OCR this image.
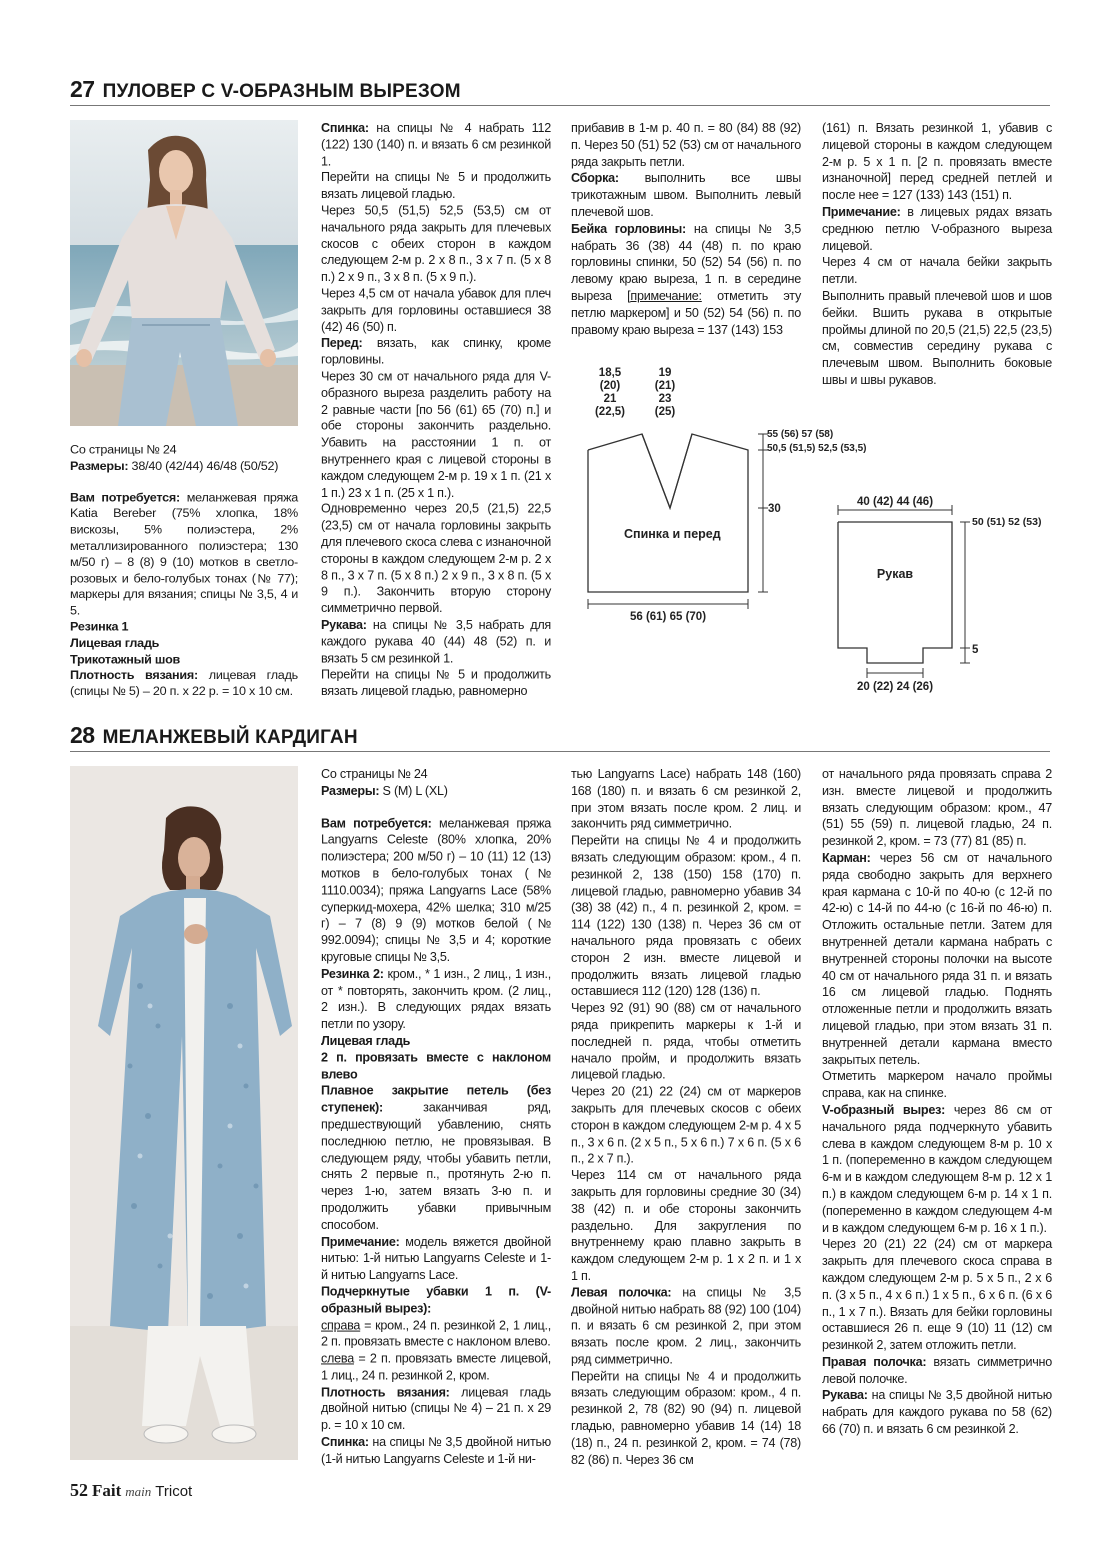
27 ПУЛОВЕР С V-ОБРАЗНЫМ ВЫРЕЗОМ

Со страницы № 24

Размеры: 38/40 (42/44) 46/48 (50/52)

Вам потребуется: меланжевая пряжа Katia Bereber (75% хлопка, 18% вискозы, 5% полиэстера, 2% металлизированного полиэстера; 130 м/50 г) – 8 (8) 9 (10) мотков в светло-розовых и бело-голубых тонах (№ 77); маркеры для вязания; спицы № 3,5, 4 и 5.

Резинка 1

Лицевая гладь

Трикотажный шов

Плотность вязания: лицевая гладь (спицы № 5) – 20 п. х 22 р. = 10 х 10 см.

Спинка: на спицы № 4 набрать 112 (122) 130 (140) п. и вязать 6 см резинкой 1.

Перейти на спицы № 5 и продолжить вязать лицевой гладью.

Через 50,5 (51,5) 52,5 (53,5) см от начального ряда закрыть для плечевых скосов с обеих сторон в каждом следующем 2-м р. 2 х 8 п., 3 х 7 п. (5 х 8 п.) 2 х 9 п., 3 х 8 п. (5 х 9 п.).

Через 4,5 см от начала убавок для плеч закрыть для горловины оставшиеся 38 (42) 46 (50) п.

Перед: вязать, как спинку, кроме горловины.

Через 30 см от начального ряда для V-образного выреза разделить работу на 2 равные части [по 56 (61) 65 (70) п.] и обе стороны закончить раздельно. Убавить на расстоянии 1 п. от внутреннего края с лицевой стороны в каждом следующем 2-м р. 19 х 1 п. (21 х 1 п.) 23 х 1 п. (25 х 1 п.).

Одновременно через 20,5 (21,5) 22,5 (23,5) см от начала горловины закрыть для плечевого скоса слева с изнаночной стороны в каждом следующем 2-м р. 2 х 8 п., 3 х 7 п. (5 х 8 п.) 2 х 9 п., 3 х 8 п. (5 х 9 п.). Закончить вторую сторону симметрично первой.

Рукава: на спицы № 3,5 набрать для каждого рукава 40 (44) 48 (52) п. и вязать 5 см резинкой 1.

Перейти на спицы № 5 и продолжить вязать лицевой гладью, равномерно

прибавив в 1-м р. 40 п. = 80 (84) 88 (92) п. Через 50 (51) 52 (53) см от начального ряда закрыть петли.

Сборка: выполнить все швы трикотажным швом. Выполнить левый плечевой шов.

Бейка горловины: на спицы № 3,5 набрать 36 (38) 44 (48) п. по краю горловины спинки, 50 (52) 54 (56) п. по левому краю выреза, 1 п. в середине выреза [примечание: отметить эту петлю маркером] и 50 (52) 54 (56) п. по правому краю выреза = 137 (143) 153

(161) п. Вязать резинкой 1, убавив с лицевой стороны в каждом следующем 2-м р. 5 х 1 п. [2 п. провязать вместе изнаночной] перед средней петлей и после нее = 127 (133) 143 (151) п.

Примечание: в лицевых рядах вязать среднюю петлю V-образного выреза лицевой.

Через 4 см от начала бейки закрыть петли.

Выполнить правый плечевой шов и шов бейки. Вшить рукава в открытые проймы длиной по 20,5 (21,5) 22,5 (23,5) см, совместив середину рукава с плечевым швом. Выполнить боковые швы и швы рукавов.

Спинка и перед
18,5
(20)
21
(22,5)
19
(21)
23
(25)
55 (56) 57 (58)
50,5 (51,5) 52,5 (53,5)
30
56 (61) 65 (70)
40 (42) 44 (46)
Рукав
50 (51) 52 (53)
5
20 (22) 24 (26)
28 МЕЛАНЖЕВЫЙ КАРДИГАН

Со страницы № 24

Размеры: S (M) L (XL)

Вам потребуется: меланжевая пряжа Langyarns Celeste (80% хлопка, 20% полиэстера; 200 м/50 г) – 10 (11) 12 (13) мотков в бело-голубых тонах (№ 1110.0034); пряжа Langyarns Lace (58% суперкид-мохера, 42% шелка; 310 м/25 г) – 7 (8) 9 (9) мотков белой (№ 992.0094); спицы № 3,5 и 4; короткие круговые спицы № 3,5.

Резинка 2: кром., * 1 изн., 2 лиц., 1 изн., от * повторять, закончить кром. (2 лиц., 2 изн.). В следующих рядах вязать петли по узору.

Лицевая гладь

2 п. провязать вместе с наклоном влево

Плавное закрытие петель (без ступенек): заканчивая ряд, предшествующий убавлению, снять последнюю петлю, не провязывая. В следующем ряду, чтобы убавить петли, снять 2 первые п., протянуть 2-ю п. через 1-ю, затем вязать 3-ю п. и продолжить убавки привычным способом.

Примечание: модель вяжется двойной нитью: 1-й нитью Langyarns Celeste и 1-й нитью Langyarns Lace.

Подчеркнутые убавки 1 п. (V-образный вырез):

справа = кром., 24 п. резинкой 2, 1 лиц., 2 п. провязать вместе с наклоном влево.

слева = 2 п. провязать вместе лицевой, 1 лиц., 24 п. резинкой 2, кром.

Плотность вязания: лицевая гладь двойной нитью (спицы № 4) – 21 п. х 29 р. = 10 х 10 см.

Спинка: на спицы № 3,5 двойной нитью (1-й нитью Langyarns Celeste и 1-й ни-

тью Langyarns Lace) набрать 148 (160) 168 (180) п. и вязать 6 см резинкой 2, при этом вязать после кром. 2 лиц. и закончить ряд симметрично.

Перейти на спицы № 4 и продолжить вязать следующим образом: кром., 4 п. резинкой 2, 138 (150) 158 (170) п. лицевой гладью, равномерно убавив 34 (38) 38 (42) п., 4 п. резинкой 2, кром. = 114 (122) 130 (138) п. Через 36 см от начального ряда провязать с обеих сторон 2 изн. вместе лицевой и продолжить вязать лицевой гладью оставшиеся 112 (120) 128 (136) п.

Через 92 (91) 90 (88) см от начального ряда прикрепить маркеры к 1-й и последней п. ряда, чтобы отметить начало пройм, и продолжить вязать лицевой гладью.

Через 20 (21) 22 (24) см от маркеров закрыть для плечевых скосов с обеих сторон в каждом следующем 2-м р. 4 х 5 п., 3 х 6 п. (2 х 5 п., 5 х 6 п.) 7 х 6 п. (5 х 6 п., 2 х 7 п.).

Через 114 см от начального ряда закрыть для горловины средние 30 (34) 38 (42) п. и обе стороны закончить раздельно. Для закругления по внутреннему краю плавно закрыть в каждом следующем 2-м р. 1 х 2 п. и 1 х 1 п.

Левая полочка: на спицы № 3,5 двойной нитью набрать 88 (92) 100 (104) п. и вязать 6 см резинкой 2, при этом вязать после кром. 2 лиц., закончить ряд симметрично.

Перейти на спицы № 4 и продолжить вязать следующим образом: кром., 4 п. резинкой 2, 78 (82) 90 (94) п. лицевой гладью, равномерно убавив 14 (14) 18 (18) п., 24 п. резинкой 2, кром. = 74 (78) 82 (86) п. Через 36 см

от начального ряда провязать справа 2 изн. вместе лицевой и продолжить вязать следующим образом: кром., 47 (51) 55 (59) п. лицевой гладью, 24 п. резинкой 2, кром. = 73 (77) 81 (85) п.

Карман: через 56 см от начального ряда свободно закрыть для верхнего края кармана с 10-й по 40-ю (с 12-й по 42-ю) с 14-й по 44-ю (с 16-й по 46-ю) п. Отложить остальные петли. Затем для внутренней детали кармана набрать с внутренней стороны полочки на высоте 40 см от начального ряда 31 п. и вязать 16 см лицевой гладью. Поднять отложенные петли и продолжить вязать лицевой гладью, при этом вязать 31 п. внутренней детали кармана вместо закрытых петель.

Отметить маркером начало проймы справа, как на спинке.

V-образный вырез: через 86 см от начального ряда подчеркнуто убавить слева в каждом следующем 8-м р. 10 х 1 п. (попеременно в каждом следующем 6-м и в каждом следующем 8-м р. 12 х 1 п.) в каждом следующем 6-м р. 14 х 1 п. (попеременно в каждом следующем 4-м и в каждом следующем 6-м р. 16 х 1 п.).

Через 20 (21) 22 (24) см от маркера закрыть для плечевого скоса справа в каждом следующем 2-м р. 5 х 5 п., 2 х 6 п. (3 х 5 п., 4 х 6 п.) 1 х 5 п., 6 х 6 п. (6 х 6 п., 1 х 7 п.). Вязать для бейки горловины оставшиеся 26 п. еще 9 (10) 11 (12) см резинкой 2, затем отложить петли.

Правая полочка: вязать симметрично левой полочке.

Рукава: на спицы № 3,5 двойной нитью набрать для каждого рукава по 58 (62) 66 (70) п. и вязать 6 см резинкой 2.

52 Fait main Tricot
